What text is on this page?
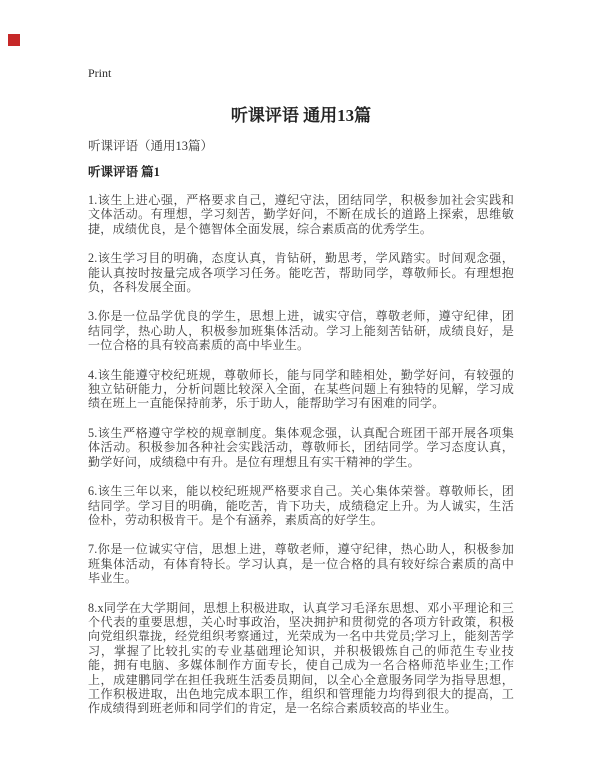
Print
听课评语 通用13篇
听课评语（通用13篇）
听课评语 篇1

1.该生上进心强，严格要求自己，遵纪守法，团结同学，积极参加社会实践和文体活动。有理想，学习刻苦，勤学好问，不断在成长的道路上探索，思维敏捷，成绩优良，是个德智体全面发展，综合素质高的优秀学生。

2.该生学习目的明确，态度认真，肯钻研，勤思考，学风踏实。时间观念强，能认真按时按量完成各项学习任务。能吃苦，帮助同学，尊敬师长。有理想抱负，各科发展全面。

3.你是一位品学优良的学生，思想上进，诚实守信，尊敬老师，遵守纪律，团结同学，热心助人，积极参加班集体活动。学习上能刻苦钻研，成绩良好，是一位合格的具有较高素质的高中毕业生。

4.该生能遵守校纪班规，尊敬师长，能与同学和睦相处，勤学好问，有较强的独立钻研能力，分析问题比较深入全面，在某些问题上有独特的见解，学习成绩在班上一直能保持前茅，乐于助人，能帮助学习有困难的同学。

5.该生严格遵守学校的规章制度。集体观念强，认真配合班团干部开展各项集体活动。积极参加各种社会实践活动，尊敬师长，团结同学。学习态度认真，勤学好问，成绩稳中有升。是位有理想且有实干精神的学生。

6.该生三年以来，能以校纪班规严格要求自己。关心集体荣誉。尊敬师长，团结同学。学习目的明确，能吃苦，肯下功夫，成绩稳定上升。为人诚实，生活俭朴，劳动积极肯干。是个有涵养，素质高的好学生。

7.你是一位诚实守信，思想上进，尊敬老师，遵守纪律，热心助人，积极参加班集体活动，有体育特长。学习认真，是一位合格的具有较好综合素质的高中毕业生。

8.x同学在大学期间，思想上积极进取，认真学习毛泽东思想、邓小平理论和三个代表的重要思想，关心时事政治，坚决拥护和贯彻党的各项方针政策，积极向党组织靠拢，经党组织考察通过，光荣成为一名中共党员;学习上，能刻苦学习，掌握了比较扎实的专业基础理论知识，并积极锻炼自己的师范生专业技能，拥有电脑、多媒体制作方面专长，使自己成为一名合格师范毕业生;工作上，成建鹏同学在担任我班生活委员期间，以全心全意服务同学为指导思想，工作积极进取，出色地完成本职工作，组织和管理能力均得到很大的提高，工作成绩得到班老师和同学们的肯定，是一名综合素质较高的毕业生。
